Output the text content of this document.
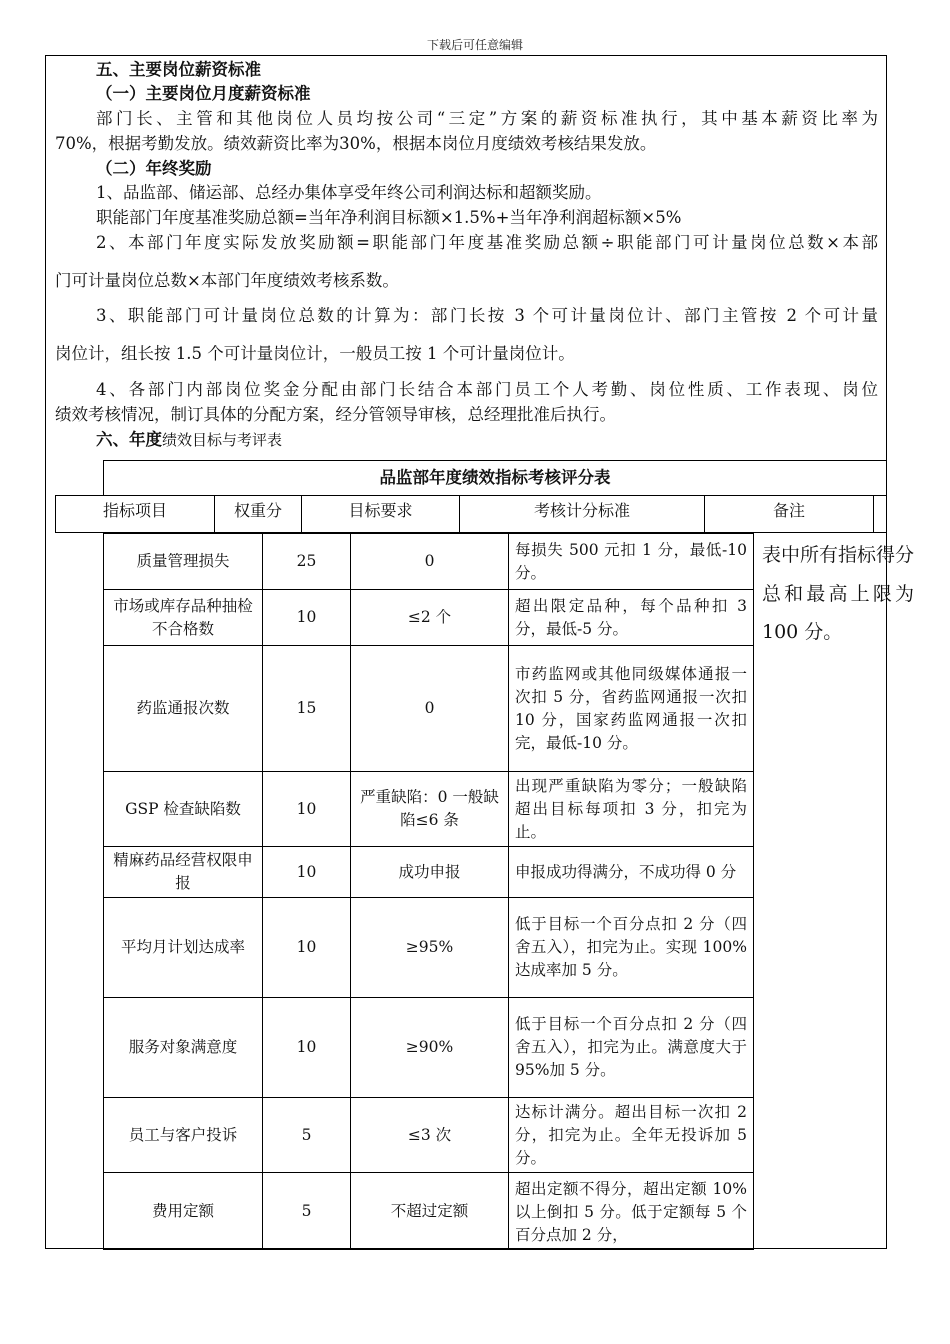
下载后可任意编辑
五、主要岗位薪资标准
（一）主要岗位月度薪资标准
部门长、主管和其他岗位人员均按公司“三定”方案的薪资标准执行，其中基本薪资比率为
70%，根据考勤发放。绩效薪资比率为30%，根据本岗位月度绩效考核结果发放。
（二）年终奖励
1、品监部、储运部、总经办集体享受年终公司利润达标和超额奖励。
职能部门年度基准奖励总额=当年净利润目标额×1.5%+当年净利润超标额×5%
2、本部门年度实际发放奖励额=职能部门年度基准奖励总额÷职能部门可计量岗位总数×本部
门可计量岗位总数×本部门年度绩效考核系数。
3、职能部门可计量岗位总数的计算为：部门长按 3 个可计量岗位计、部门主管按 2 个可计量
岗位计，组长按 1.5 个可计量岗位计，一般员工按 1 个可计量岗位计。
4、各部门内部岗位奖金分配由部门长结合本部门员工个人考勤、岗位性质、工作表现、岗位
绩效考核情况，制订具体的分配方案，经分管领导审核，总经理批准后执行。
六、年度绩效目标与考评表
品监部年度绩效指标考核评分表
指标项目	权重分	目标要求	考核计分标准	备注
质量管理损失	25	0	每损失 500 元扣 1 分，最低-10 分。
市场或库存品种抽检不合格数	10	≤2 个	超出限定品种，每个品种扣 3 分，最低-5 分。
药监通报次数	15	0	市药监网或其他同级媒体通报一次扣 5 分，省药监网通报一次扣 10 分，国家药监网通报一次扣完，最低-10 分。
GSP 检查缺陷数	10	严重缺陷：0 一般缺陷≤6 条	出现严重缺陷为零分；一般缺陷超出目标每项扣 3 分，扣完为止。
精麻药品经营权限申报	10	成功申报	申报成功得满分，不成功得 0 分
平均月计划达成率	10	≥95%	低于目标一个百分点扣 2 分（四舍五入），扣完为止。实现 100%达成率加 5 分。
服务对象满意度	10	≥90%	低于目标一个百分点扣 2 分（四舍五入），扣完为止。满意度大于 95%加 5 分。
员工与客户投诉	5	≤3 次	达标计满分。超出目标一次扣 2 分，扣完为止。全年无投诉加 5 分。
费用定额	5	不超过定额	超出定额不得分，超出定额 10%以上倒扣 5 分。低于定额每 5 个百分点加 2 分，
表中所有指标得分总和最高上限为 100 分。
